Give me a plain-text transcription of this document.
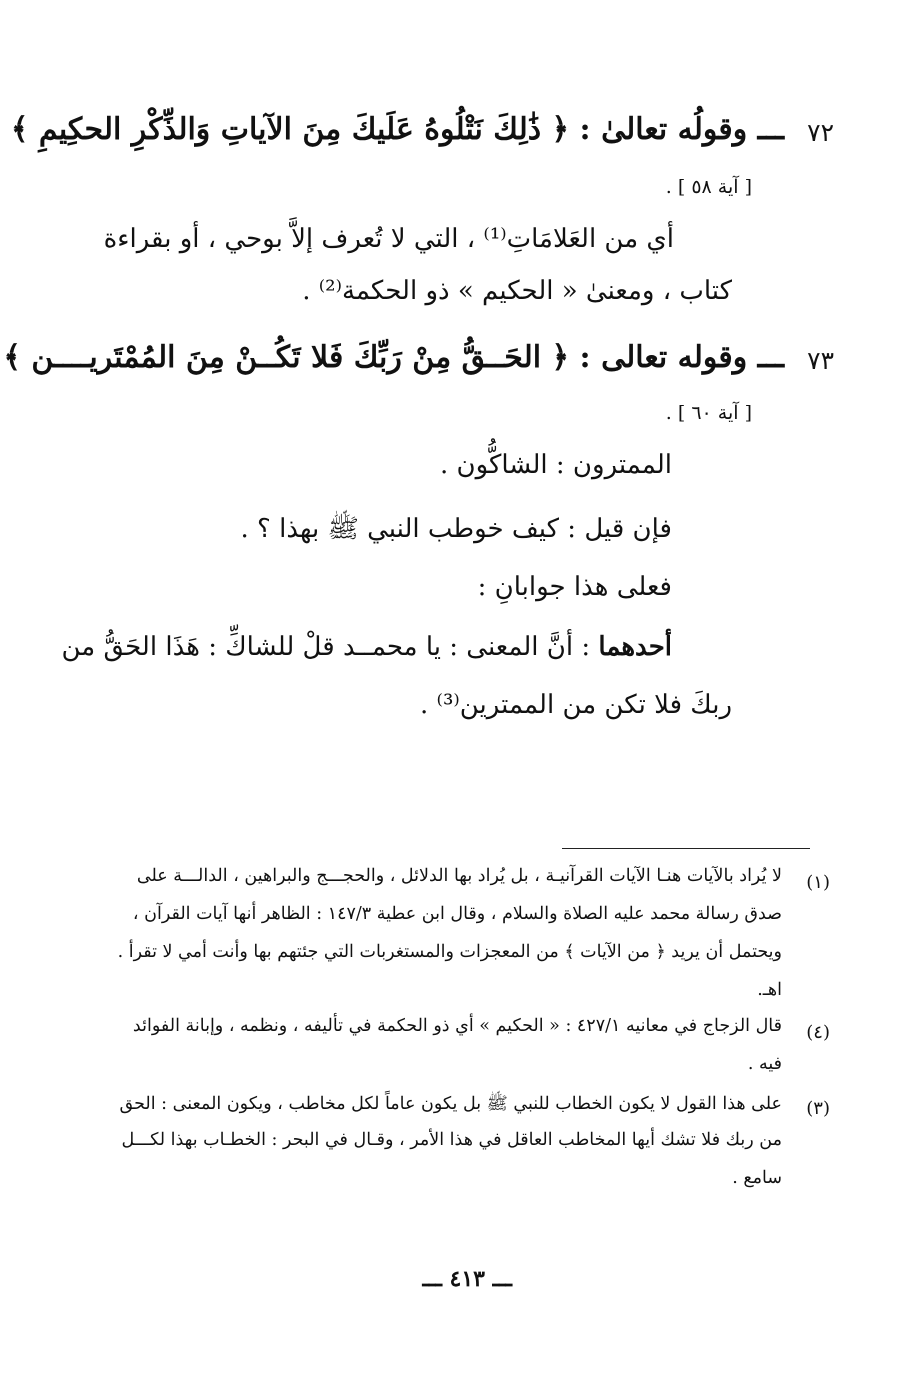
٧٢
ـــ وقولُه تعالىٰ : ﴿ ذَٰلِكَ نَتْلُوهُ عَلَيكَ مِنَ الآياتِ وَالذِّكْرِ الحكِيمِ ﴾
[ آية ٥٨ ] .
أي من العَلامَاتِ⁽¹⁾ ، التي لا تُعرف إلاَّ بوحي ، أو بقراءة
كتاب ، ومعنىٰ « الحكيم » ذو الحكمة⁽²⁾ .
٧٣
ـــ وقوله تعالى : ﴿ الحَــقُّ مِنْ رَبِّكَ فَلا تَكُــنْ مِنَ المُمْتَريــــن ﴾
[ آية ٦٠ ] .
الممترون : الشاكُّون .
فإن قيل : كيف خوطب النبي ﷺ بهذا ؟ .
فعلى هذا جوابانِ :
أحدهما : أنَّ المعنى : يا محمــد قلْ للشاكِّ : هَذَا الحَقُّ من
ربكَ فلا تكن من الممترين⁽³⁾ .
(١)
لا يُراد بالآيات هنـا الآيات القرآنيـة ، بل يُراد بها الدلائل ، والحجـــج والبراهين ، الدالـــة على
صدق رسالة محمد عليه الصلاة والسلام ، وقال ابن عطية ١٤٧/٣ : الظاهر أنها آيات القرآن ،
ويحتمل أن يريد ﴿ من الآيات ﴾ من المعجزات والمستغربات التي جئتهم بها وأنت أمي لا تقرأ .
اهـ.
(٤)
قال الزجاج في معانيه ٤٢٧/١ : « الحكيم » أي ذو الحكمة في تأليفه ، ونظمه ، وإبانة الفوائد
فيه .
(٣)
على هذا القول لا يكون الخطاب للنبي ﷺ بل يكون عاماً لكل مخاطب ، ويكون المعنى : الحق
من ربك فلا تشك أيها المخاطب العاقل في هذا الأمر ، وقـال في البحر : الخطـاب بهذا لكـــل
سامع .
ـــ ٤١٣ ـــ
